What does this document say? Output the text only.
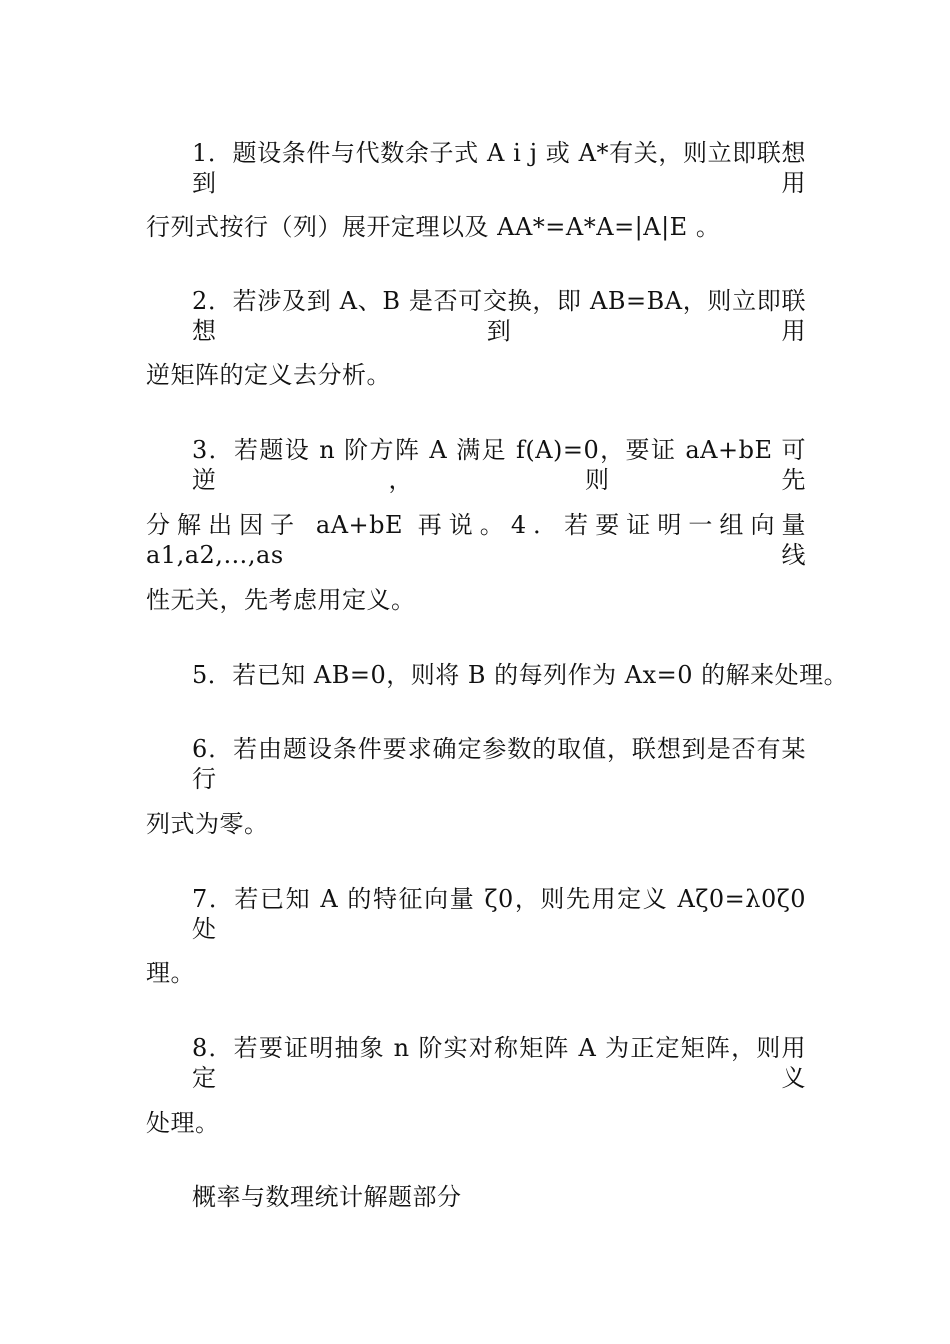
1．题设条件与代数余子式 A i j 或 A*有关，则立即联想到用
行列式按行（列）展开定理以及 AA*=A*A=|A|E 。
2．若涉及到 A、B 是否可交换，即 AB=BA，则立即联想到用
逆矩阵的定义去分析。
3．若题设 n 阶方阵 A 满足 f(A)=0，要证 aA+bE 可逆，则先
分解出因子 aA+bE 再说。4．若要证明一组向量 a1,a2,…,as 线
性无关，先考虑用定义。
5．若已知 AB=0，则将 B 的每列作为 Ax=0 的解来处理。
6．若由题设条件要求确定参数的取值，联想到是否有某行
列式为零。
7．若已知 A 的特征向量 ζ0，则先用定义 Aζ0=λ0ζ0 处
理。
8．若要证明抽象 n 阶实对称矩阵 A 为正定矩阵，则用定义
处理。
概率与数理统计解题部分
